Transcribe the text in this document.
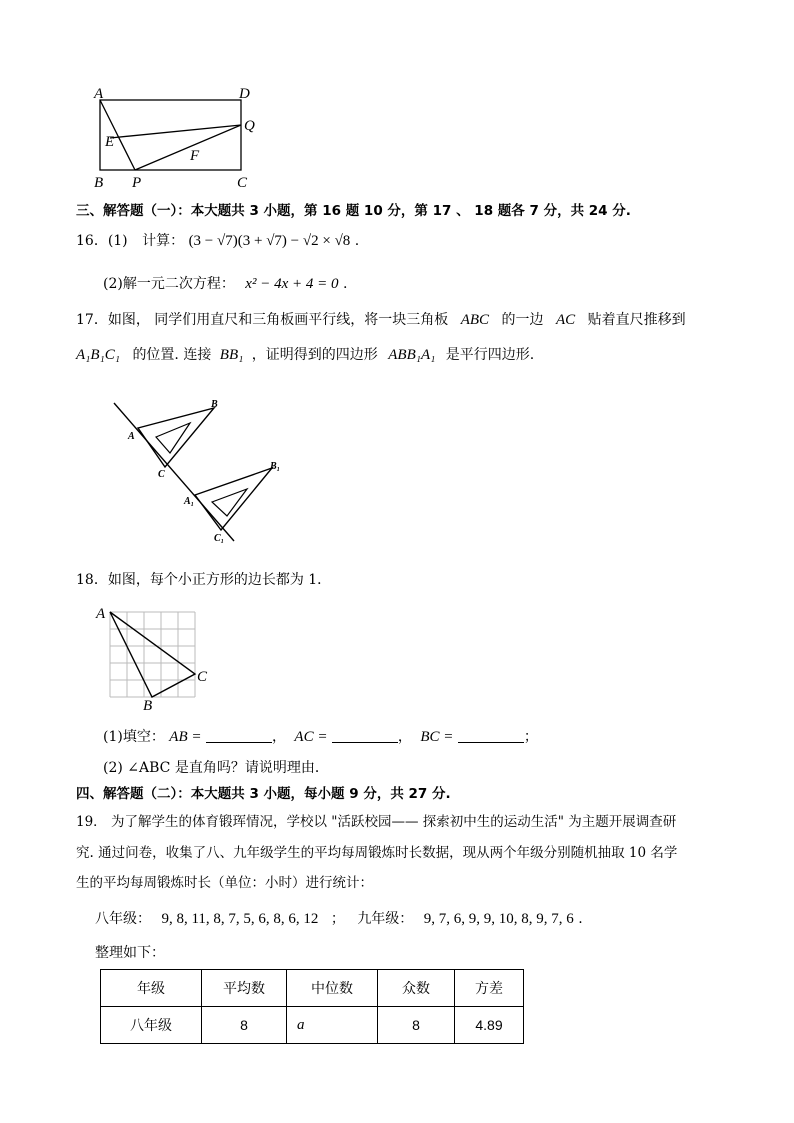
A	D
B P	C
E
F
Q
三、解答题（一）：本大题共 3 小题，第 16 题 10 分，第 17 、 18 题各 7 分，共 24 分.
16．(1) 计算： (3 − √7)(3 + √7) − √2 × √8 .
(2)解一元二次方程： x² − 4x + 4 = 0 .
17．如图， 同学们用直尺和三角板画平行线，将一块三角板 ABC 的一边 AC 贴着直尺推移到
A₁B₁C₁ 的位置. 连接 BB₁ ，证明得到的四边形 ABB₁A₁ 是平行四边形.
A
B
C
A₁
B₁
C₁
18．如图，每个小正方形的边长都为 1．
A
B
C
(1)填空： AB =	， AC =	， BC =	；
(2) ∠ABC 是直角吗？请说明理由．
四、解答题（二）：本大题共 3 小题，每小题 9 分，共 27 分.
19． 为了解学生的体育锻珲情况，学校以 "活跃校园—— 探索初中生的运动生活" 为主题开展调查研
究. 通过问卷，收集了八、九年级学生的平均每周锻炼时长数据，现从两个年级分别随机抽取 10 名学
生的平均每周锻炼时长（单位：小时）进行统计：
八年级： 9, 8, 11, 8, 7, 5, 6, 8, 6, 12 ； 九年级： 9, 7, 6, 9, 9, 10, 8, 9, 7, 6 .
整理如下：
年级	平均数	中位数	众数	方差
八年级	8	a	8	4.89
